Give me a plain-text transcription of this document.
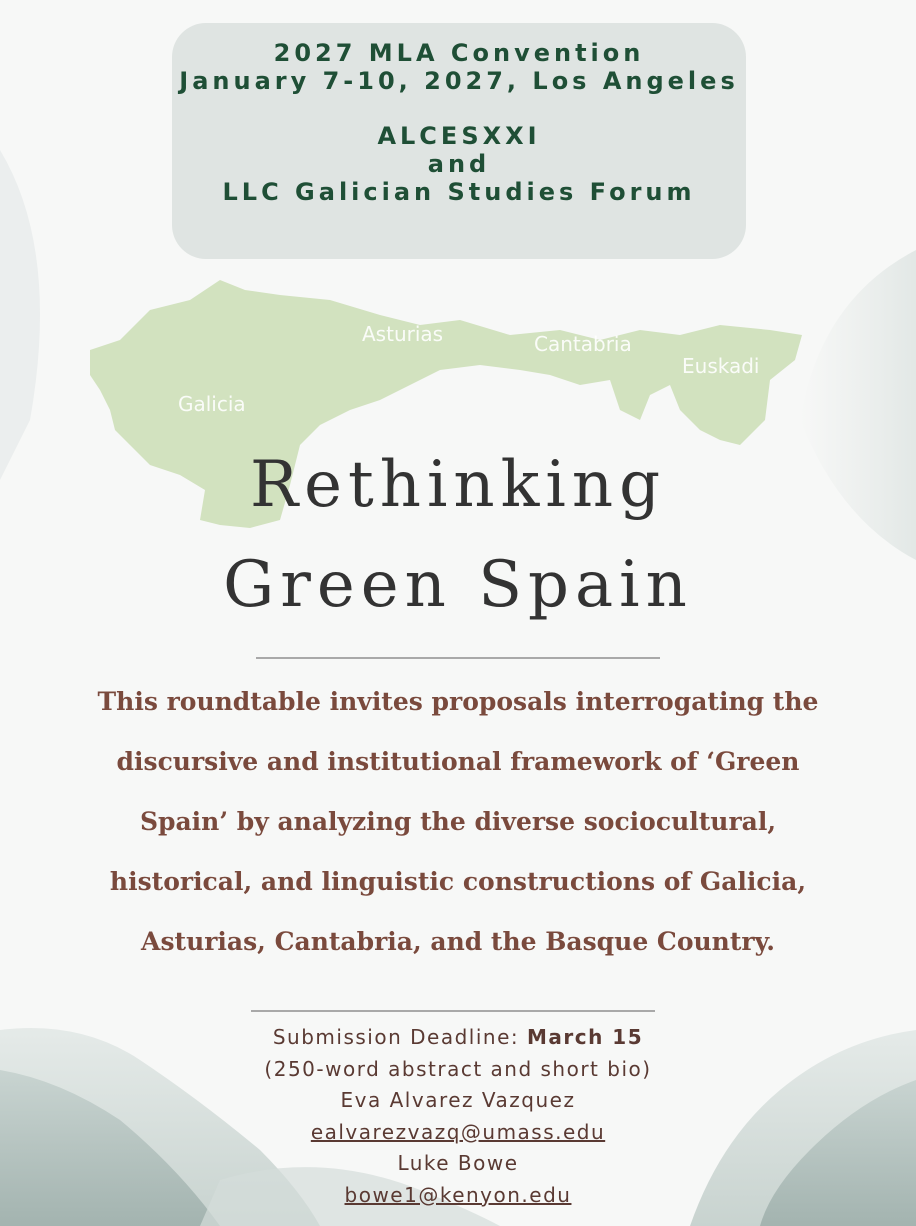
2027 MLA Convention
January 7-10, 2027, Los Angeles
ALCESXXI
and
LLC Galician Studies Forum
Galicia
Asturias	Cantabria
Euskadi
Rethinking
Green Spain
This roundtable invites proposals interrogating the
discursive and institutional framework of ‘Green
Spain’ by analyzing the diverse sociocultural,
historical, and linguistic constructions of Galicia,
Asturias, Cantabria, and the Basque Country.
Submission Deadline: March 15
(250-word abstract and short bio)
Eva Alvarez Vazquez
ealvarezvazq@umass.edu
Luke Bowe
bowe1@kenyon.edu
